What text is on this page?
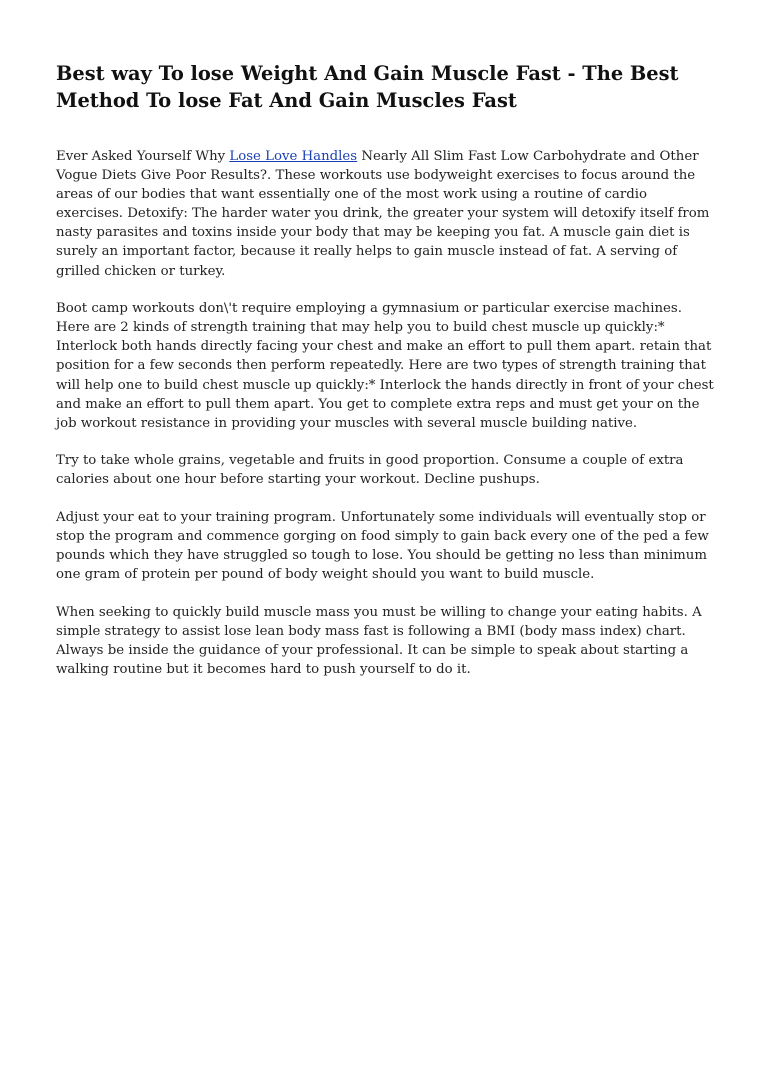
Best way To lose Weight And Gain Muscle Fast - The Best Method To lose Fat And Gain Muscles Fast

Ever Asked Yourself Why Lose Love Handles Nearly All Slim Fast Low Carbohydrate and Other Vogue Diets Give Poor Results?. These workouts use bodyweight exercises to focus around the areas of our bodies that want essentially one of the most work using a routine of cardio exercises. Detoxify: The harder water you drink, the greater your system will detoxify itself from nasty parasites and toxins inside your body that may be keeping you fat. A muscle gain diet is surely an important factor, because it really helps to gain muscle instead of fat. A serving of grilled chicken or turkey.

Boot camp workouts don\'t require employing a gymnasium or particular exercise machines. Here are 2 kinds of strength training that may help you to build chest muscle up quickly:* Interlock both hands directly facing your chest and make an effort to pull them apart. retain that position for a few seconds then perform repeatedly. Here are two types of strength training that will help one to build chest muscle up quickly:* Interlock the hands directly in front of your chest and make an effort to pull them apart. You get to complete extra reps and must get your on the job workout resistance in providing your muscles with several muscle building native.

Try to take whole grains, vegetable and fruits in good proportion. Consume a couple of extra calories about one hour before starting your workout. Decline pushups.

Adjust your eat to your training program. Unfortunately some individuals will eventually stop or stop the program and commence gorging on food simply to gain back every one of the ped a few pounds which they have struggled so tough to lose. You should be getting no less than minimum one gram of protein per pound of body weight should you want to build muscle.

When seeking to quickly build muscle mass you must be willing to change your eating habits. A simple strategy to assist lose lean body mass fast is following a BMI (body mass index) chart. Always be inside the guidance of your professional. It can be simple to speak about starting a walking routine but it becomes hard to push yourself to do it.
